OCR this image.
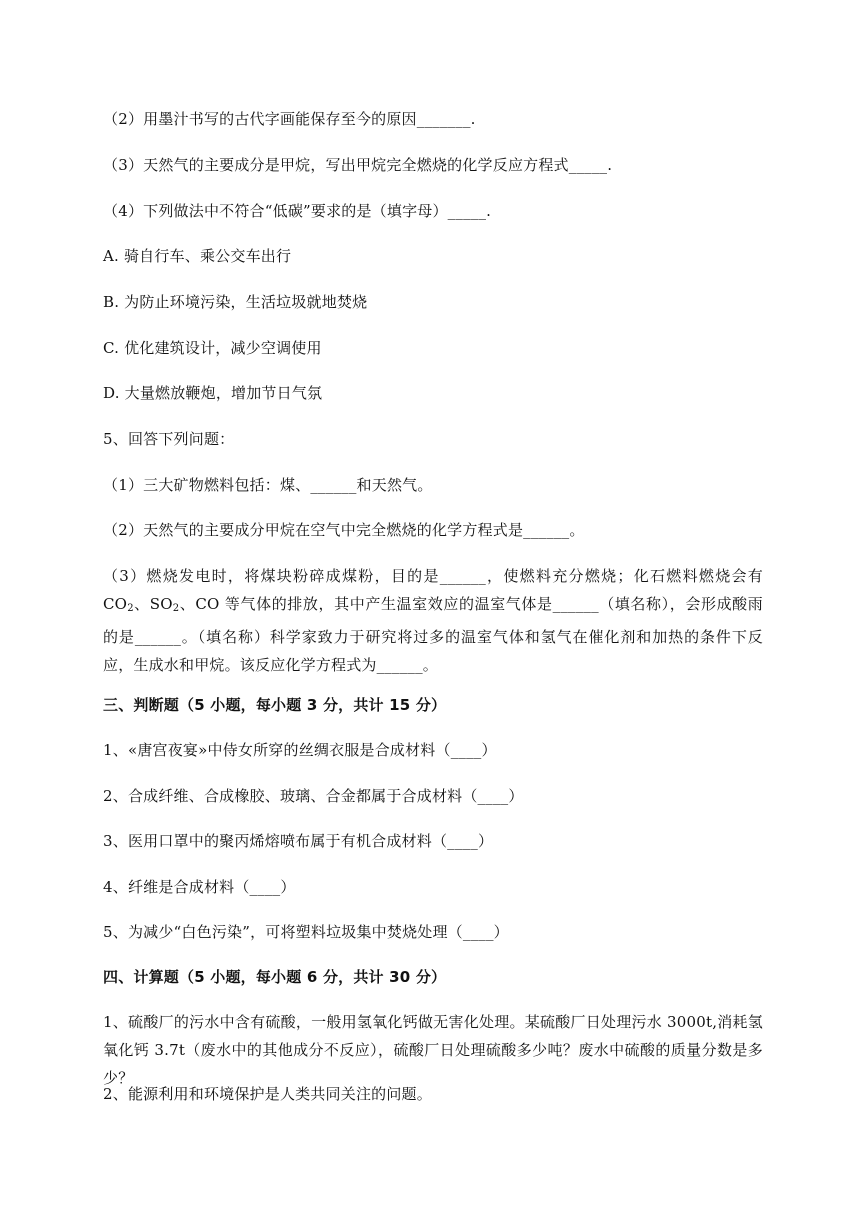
（2）用墨汁书写的古代字画能保存至今的原因_______.
（3）天然气的主要成分是甲烷，写出甲烷完全燃烧的化学反应方程式_____.
（4）下列做法中不符合“低碳”要求的是（填字母）_____.
A. 骑自行车、乘公交车出行
B. 为防止环境污染，生活垃圾就地焚烧
C. 优化建筑设计，减少空调使用
D. 大量燃放鞭炮，增加节日气氛
5、回答下列问题：
（1）三大矿物燃料包括：煤、______和天然气。
（2）天然气的主要成分甲烷在空气中完全燃烧的化学方程式是______。
（3）燃烧发电时，将煤块粉碎成煤粉，目的是______，使燃料充分燃烧；化石燃料燃烧会有 $CO_2$、$SO_2$、CO 等气体的排放，其中产生温室效应的温室气体是______（填名称），会形成酸雨的是______。（填名称）科学家致力于研究将过多的温室气体和氢气在催化剂和加热的条件下反应，生成水和甲烷。该反应化学方程式为______。
三、判断题（5 小题，每小题 3 分，共计 15 分）
1、«唐宫夜宴»中侍女所穿的丝绸衣服是合成材料（____）
2、合成纤维、合成橡胶、玻璃、合金都属于合成材料（____）
3、医用口罩中的聚丙烯熔喷布属于有机合成材料（____）
4、纤维是合成材料（____）
5、为减少“白色污染”，可将塑料垃圾集中焚烧处理（____）
四、计算题（5 小题，每小题 6 分，共计 30 分）
1、硫酸厂的污水中含有硫酸，一般用氢氧化钙做无害化处理。某硫酸厂日处理污水 3000t,消耗氢氧化钙 3.7t（废水中的其他成分不反应），硫酸厂日处理硫酸多少吨？废水中硫酸的质量分数是多少？
2、能源利用和环境保护是人类共同关注的问题。
